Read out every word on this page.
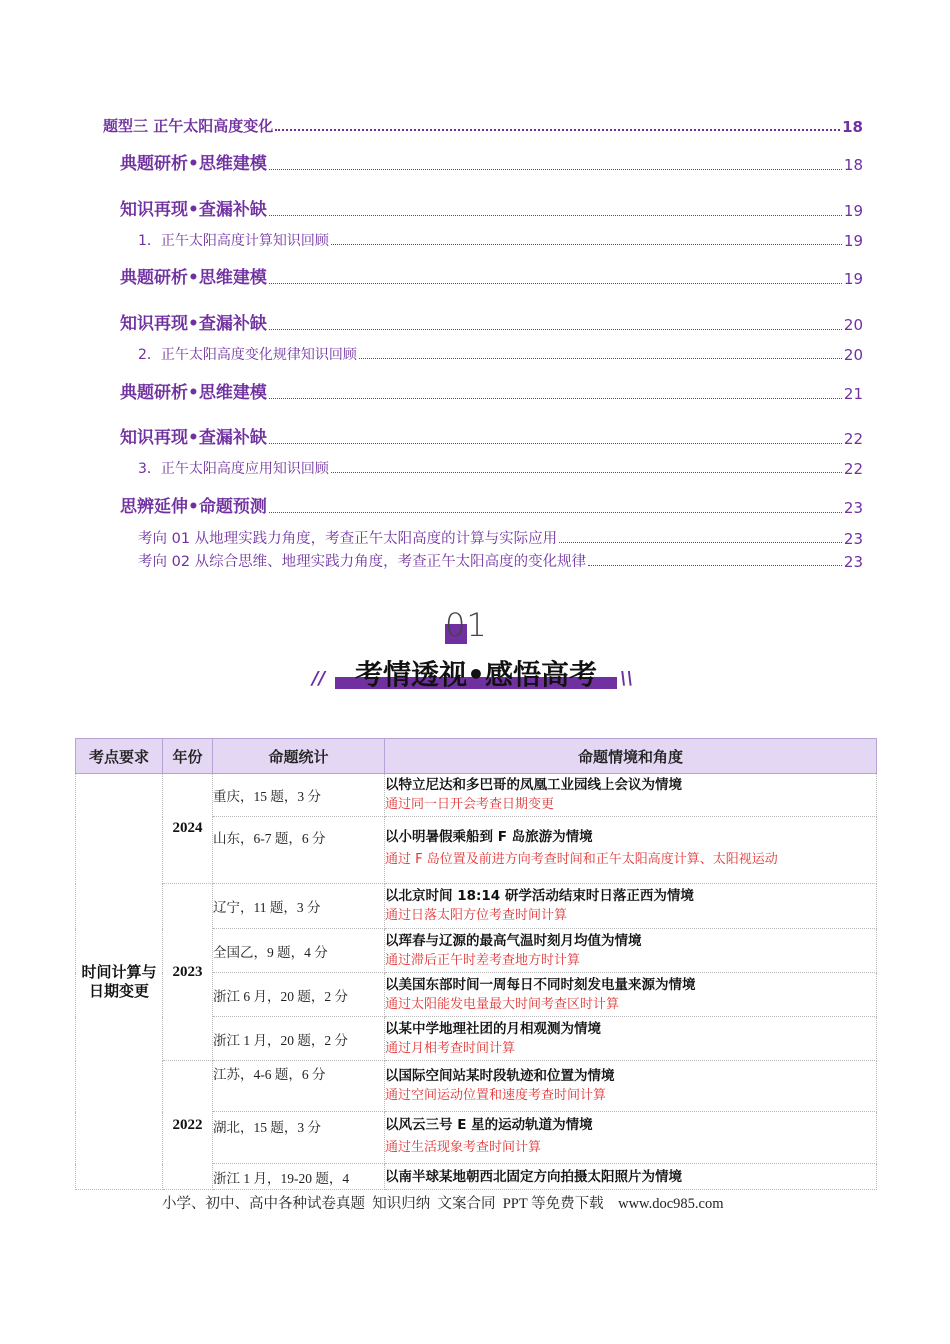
题型三 正午太阳高度变化	18
典题研析•思维建模	18
知识再现•查漏补缺	19
1．正午太阳高度计算知识回顾	19
典题研析•思维建模	19
知识再现•查漏补缺	20
2．正午太阳高度变化规律知识回顾	20
典题研析•思维建模	21
知识再现•查漏补缺	22
3．正午太阳高度应用知识回顾	22
思辨延伸•命题预测	23
考向 01 从地理实践力角度，考查正午太阳高度的计算与实际应用	23
考向 02 从综合思维、地理实践力角度，考查正午太阳高度的变化规律	23
01
考情透视•感悟高考
//	\\
考点要求	年份	命题统计	命题情境和角度
时间计算与日期变更	2024	重庆，15 题，3 分	以特立尼达和多巴哥的凤凰工业园线上会议为情境
通过同一日开会考查日期变更

		山东，6-7 题，6 分	以小明暑假乘船到 F 岛旅游为情境
通过 F 岛位置及前进方向考查时间和正午太阳高度计算、太阳视运动

	2023	辽宁，11 题，3 分	以北京时间 18:14 研学活动结束时日落正西为情境
通过日落太阳方位考查时间计算

		全国乙，9 题，4 分	以珲春与辽源的最高气温时刻月均值为情境
通过滞后正午时差考查地方时计算

		浙江 6 月，20 题，2 分	以美国东部时间一周每日不同时刻发电量来源为情境
通过太阳能发电量最大时间考查区时计算

		浙江 1 月，20 题，2 分	以某中学地理社团的月相观测为情境
通过月相考查时间计算

	2022	江苏，4-6 题，6 分	以国际空间站某时段轨迹和位置为情境
通过空间运动位置和速度考查时间计算

		湖北，15 题，3 分	以风云三号 E 星的运动轨道为情境
通过生活现象考查时间计算

		浙江 1 月，19-20 题，4	以南半球某地朝西北固定方向拍摄太阳照片为情境
小学、初中、高中各种试卷真题  知识归纳  文案合同  PPT 等免费下载    www.doc985.com
